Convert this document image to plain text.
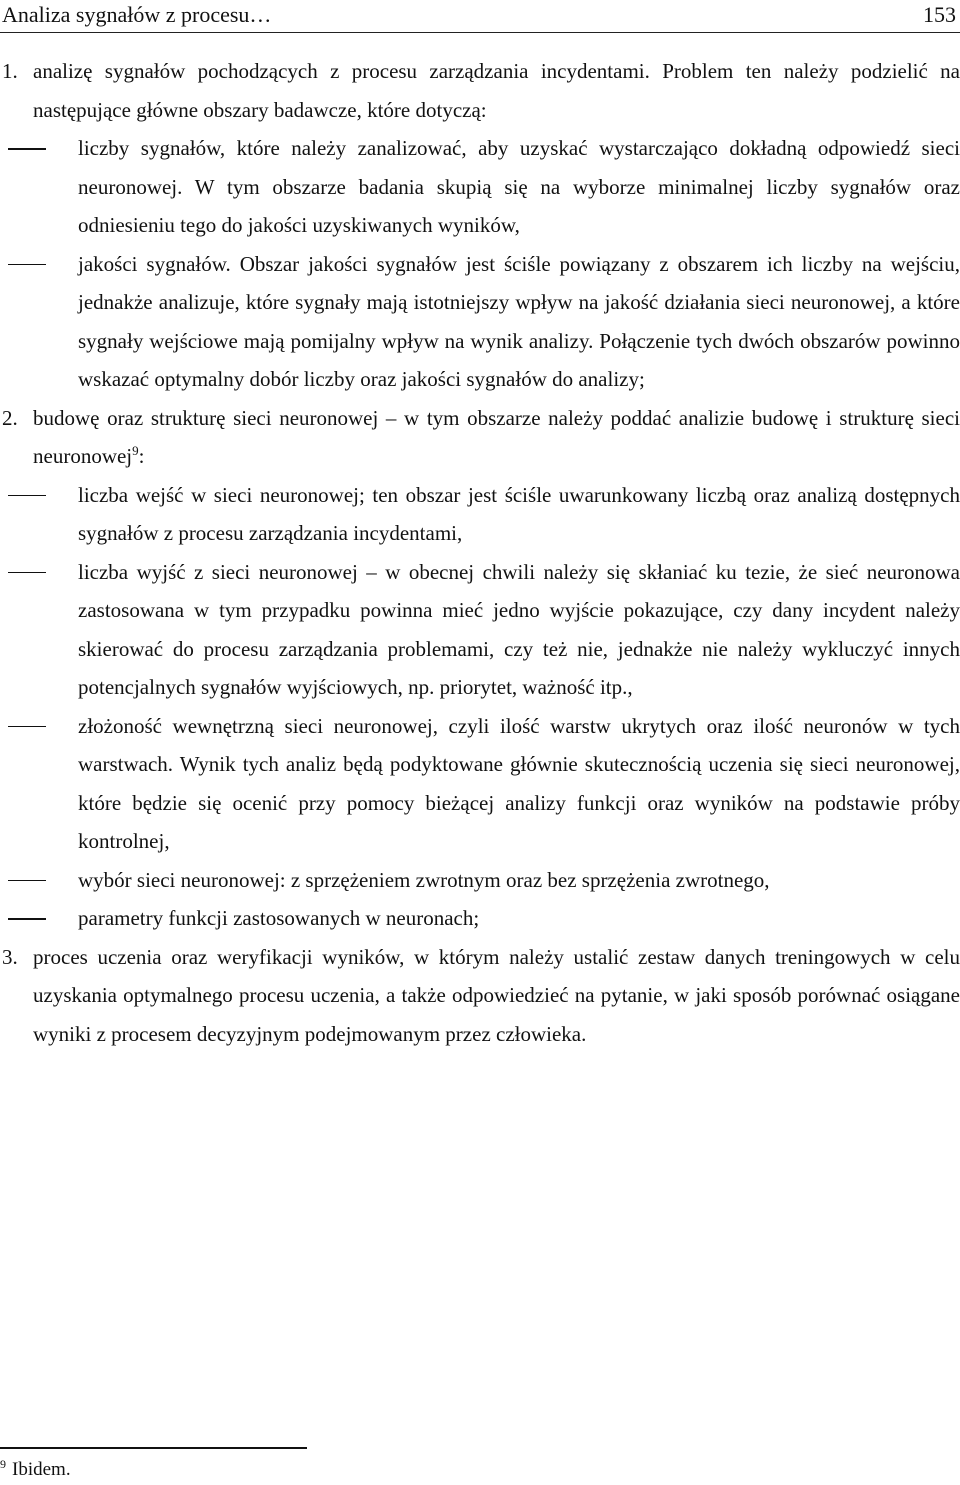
Analiza sygnałów z procesu…	153
1. analizę sygnałów pochodzących z procesu zarządzania incydentami. Problem ten należy podzielić na następujące główne obszary badawcze, które dotyczą:

liczby sygnałów, które należy zanalizować, aby uzyskać wystarczająco dokładną odpowiedź sieci neuronowej. W tym obszarze badania skupią się na wyborze minimalnej liczby sygnałów oraz odniesieniu tego do jakości uzyskiwanych wyników,

jakości sygnałów. Obszar jakości sygnałów jest ściśle powiązany z obszarem ich liczby na wejściu, jednakże analizuje, które sygnały mają istotniejszy wpływ na jakość działania sieci neuronowej, a które sygnały wejściowe mają pomijalny wpływ na wynik analizy. Połączenie tych dwóch obszarów powinno wskazać optymalny dobór liczby oraz jakości sygnałów do analizy;

2. budowę oraz strukturę sieci neuronowej – w tym obszarze należy poddać analizie budowę i strukturę sieci neuronowej$^9$:

liczba wejść w sieci neuronowej; ten obszar jest ściśle uwarunkowany liczbą oraz analizą dostępnych sygnałów z procesu zarządzania incydentami,

liczba wyjść z sieci neuronowej – w obecnej chwili należy się skłaniać ku tezie, że sieć neuronowa zastosowana w tym przypadku powinna mieć jedno wyjście pokazujące, czy dany incydent należy skierować do procesu zarządzania problemami, czy też nie, jednakże nie należy wykluczyć innych potencjalnych sygnałów wyjściowych, np. priorytet, ważność itp.,

złożoność wewnętrzną sieci neuronowej, czyli ilość warstw ukrytych oraz ilość neuronów w tych warstwach. Wynik tych analiz będą podyktowane głównie skutecznością uczenia się sieci neuronowej, które będzie się ocenić przy pomocy bieżącej analizy funkcji oraz wyników na podstawie próby kontrolnej,

wybór sieci neuronowej: z sprzężeniem zwrotnym oraz bez sprzężenia zwrotnego,

parametry funkcji zastosowanych w neuronach;

3. proces uczenia oraz weryfikacji wyników, w którym należy ustalić zestaw danych treningowych w celu uzyskania optymalnego procesu uczenia, a także odpowiedzieć na pytanie, w jaki sposób porównać osiągane wyniki z procesem decyzyjnym podejmowanym przez człowieka.

$^9$ Ibidem.
